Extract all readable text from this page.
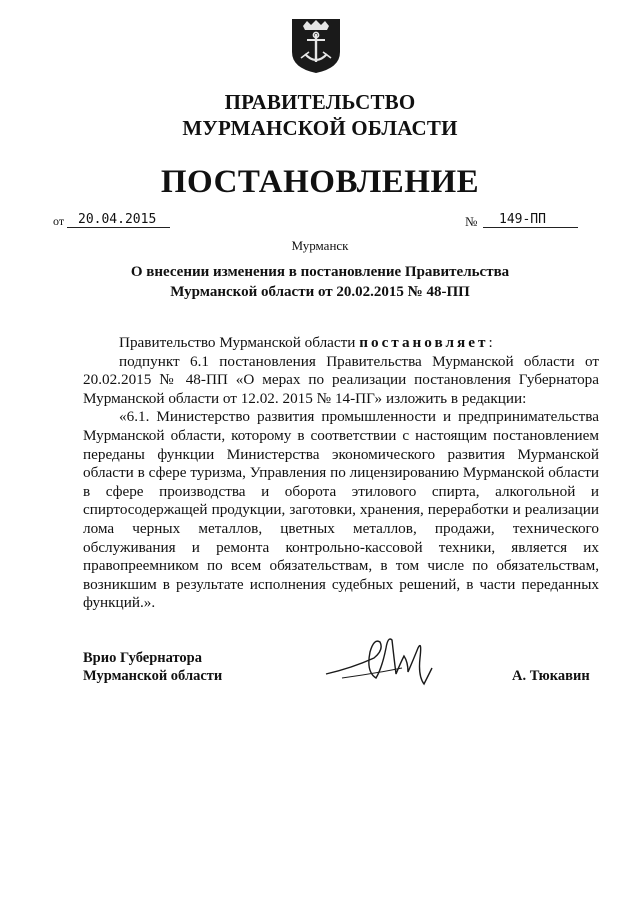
ПРАВИТЕЛЬСТВО
МУРМАНСКОЙ ОБЛАСТИ
ПОСТАНОВЛЕНИЕ
от	20.04.2015	№	149-ПП
Мурманск
О внесении изменения в постановление Правительства
Мурманской области от 20.02.2015 № 48-ПП

Правительство Мурманской области постановляет:

подпункт 6.1 постановления Правительства Мурманской области от 20.02.2015 № 48-ПП «О мерах по реализации постановления Губернатора Мурманской области от 12.02. 2015 № 14-ПГ» изложить в редакции:

«6.1. Министерство развития промышленности и предпринимательства Мурманской области, которому в соответствии с настоящим постановлением переданы функции Министерства экономического развития Мурманской области в сфере туризма, Управления по лицензированию Мурманской области в сфере производства и оборота этилового спирта, алкогольной и спиртосодержащей продукции, заготовки, хранения, переработки и реализации лома черных металлов, цветных металлов, продажи, технического обслуживания и ремонта контрольно-кассовой техники, является их правопреемником по всем обязательствам, в том числе по обязательствам, возникшим в результате исполнения судебных решений, в части переданных функций.».

Врио Губернатора
Мурманской области	А. Тюкавин
